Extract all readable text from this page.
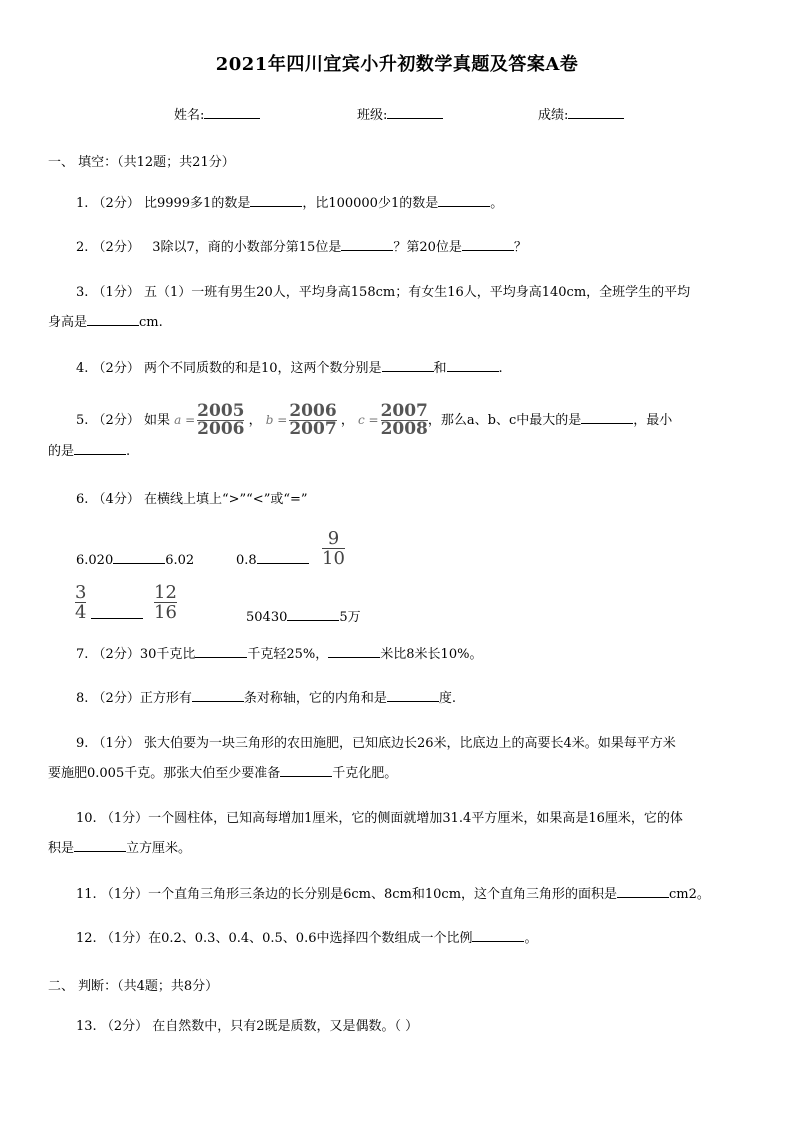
2021年四川宜宾小升初数学真题及答案A卷
姓名:	班级:	成绩:
一、 填空：（共12题；共21分）
1. （2分） 比9999多1的数是	，比100000少1的数是	。
2. （2分） 3除以7，商的小数部分第15位是	？第20位是	？
3. （1分） 五（1）一班有男生20人，平均身高158cm；有女生16人，平均身高140cm，全班学生的平均
身高是	cm.
4. （2分） 两个不同质数的和是10，这两个数分别是	和	.
5. （2分） 如果 $a = \frac{2005}{2006}$ ， $b = \frac{2006}{2007}$ ， $c = \frac{2007}{2008}$ ，那么a、b、c中最大的是	，最小
的是	.
6. （4分） 在横线上填上“>”“<”或“=”
6.020	6.02	0.8	$\frac{9}{10}$
$\frac{3}{4}$	$\frac{12}{16}$	50430	5万
7. （2分）30千克比	千克轻25%，	米比8米长10%。
8. （2分）正方形有	条对称轴，它的内角和是	度.
9. （1分） 张大伯要为一块三角形的农田施肥，已知底边长26米，比底边上的高要长4米。如果每平方米
要施肥0.005千克。那张大伯至少要准备	千克化肥。
10. （1分）一个圆柱体，已知高每增加1厘米，它的侧面就增加31.4平方厘米，如果高是16厘米，它的体
积是	立方厘米。
11. （1分）一个直角三角形三条边的长分别是6cm、8cm和10cm，这个直角三角形的面积是	cm2。
12. （1分）在0.2、0.3、0.4、0.5、0.6中选择四个数组成一个比例	。
二、 判断：（共4题；共8分）
13. （2分） 在自然数中，只有2既是质数，又是偶数。（ ）
